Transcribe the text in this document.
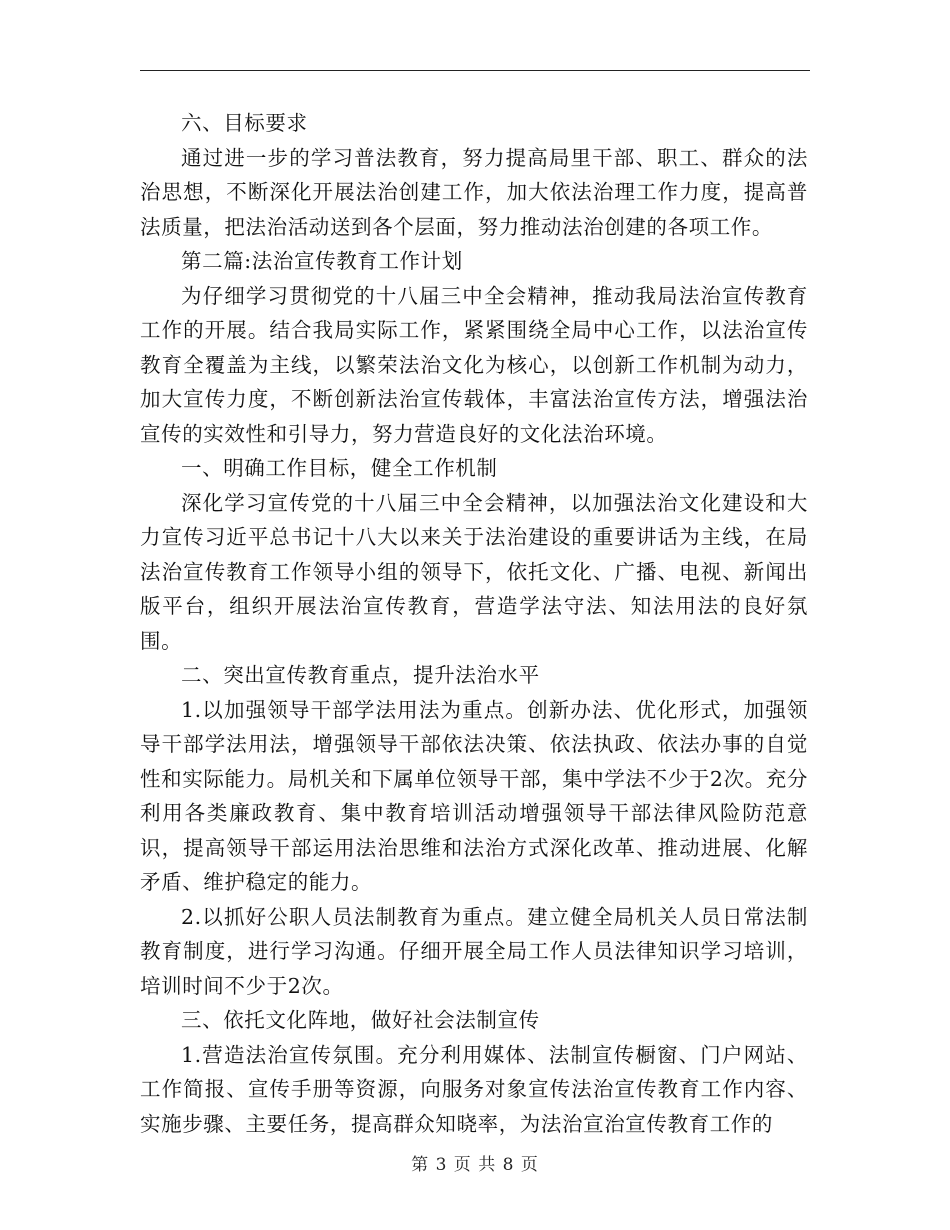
六、目标要求

通过进一步的学习普法教育，努力提高局里干部、职工、群众的法治思想，不断深化开展法治创建工作，加大依法治理工作力度，提高普法质量，把法治活动送到各个层面，努力推动法治创建的各项工作。

第二篇:法治宣传教育工作计划

为仔细学习贯彻党的十八届三中全会精神，推动我局法治宣传教育工作的开展。结合我局实际工作，紧紧围绕全局中心工作，以法治宣传教育全覆盖为主线，以繁荣法治文化为核心，以创新工作机制为动力，加大宣传力度，不断创新法治宣传载体，丰富法治宣传方法，增强法治宣传的实效性和引导力，努力营造良好的文化法治环境。

一、明确工作目标，健全工作机制

深化学习宣传党的十八届三中全会精神，以加强法治文化建设和大力宣传习近平总书记十八大以来关于法治建设的重要讲话为主线，在局法治宣传教育工作领导小组的领导下，依托文化、广播、电视、新闻出版平台，组织开展法治宣传教育，营造学法守法、知法用法的良好氛围。

二、突出宣传教育重点，提升法治水平

1.以加强领导干部学法用法为重点。创新办法、优化形式，加强领导干部学法用法，增强领导干部依法决策、依法执政、依法办事的自觉性和实际能力。局机关和下属单位领导干部，集中学法不少于2次。充分利用各类廉政教育、集中教育培训活动增强领导干部法律风险防范意识，提高领导干部运用法治思维和法治方式深化改革、推动进展、化解矛盾、维护稳定的能力。

2.以抓好公职人员法制教育为重点。建立健全局机关人员日常法制教育制度，进行学习沟通。仔细开展全局工作人员法律知识学习培训，培训时间不少于2次。

三、依托文化阵地，做好社会法制宣传

1.营造法治宣传氛围。充分利用媒体、法制宣传橱窗、门户网站、工作简报、宣传手册等资源，向服务对象宣传法治宣传教育工作内容、实施步骤、主要任务，提高群众知晓率，为法治宣治宣传教育工作的

第 3 页 共 8 页
